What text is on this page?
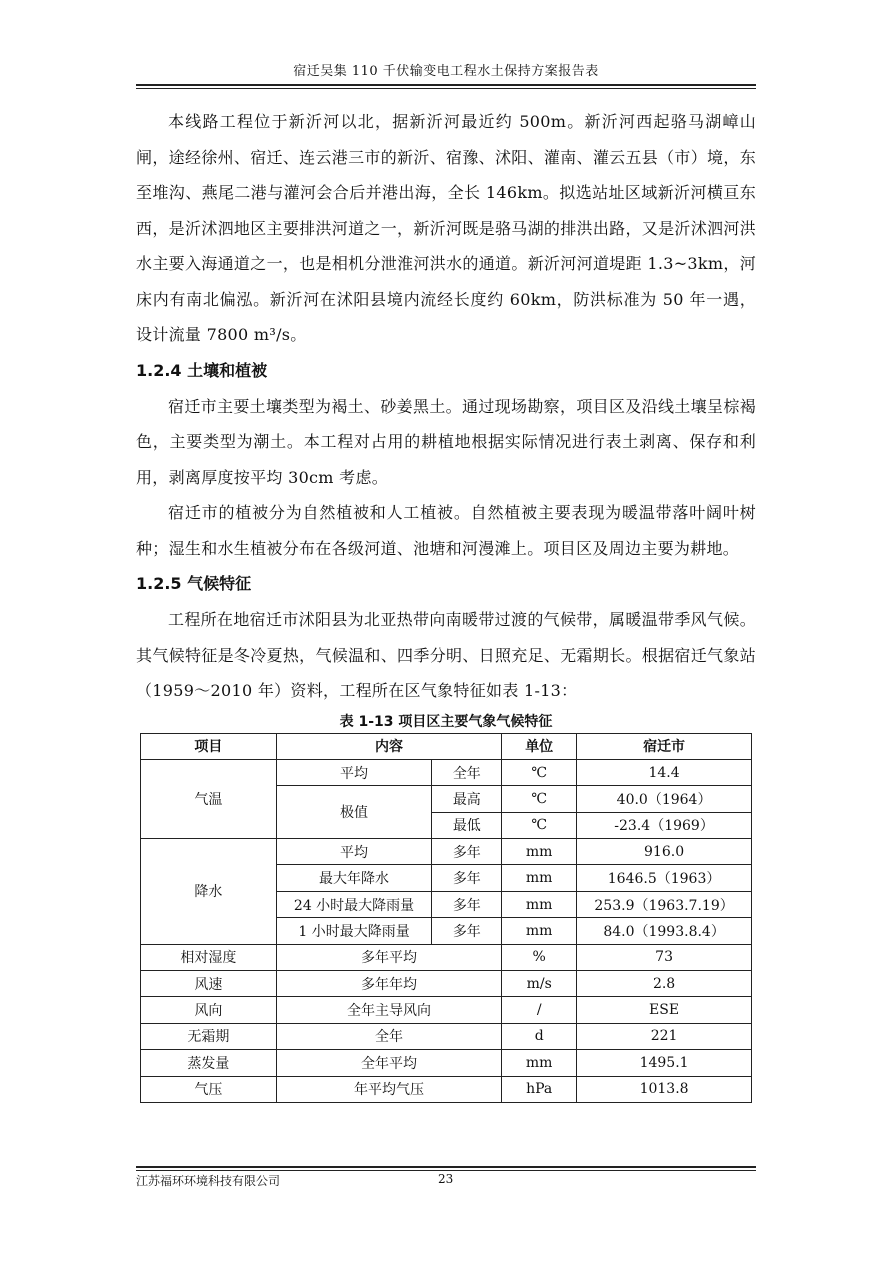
宿迁吴集 110 千伏输变电工程水土保持方案报告表

本线路工程位于新沂河以北，据新沂河最近约 500m。新沂河西起骆马湖嶂山闸，途经徐州、宿迁、连云港三市的新沂、宿豫、沭阳、灌南、灌云五县（市）境，东至堆沟、燕尾二港与灌河会合后并港出海，全长 146km。拟选站址区域新沂河横亘东西，是沂沭泗地区主要排洪河道之一，新沂河既是骆马湖的排洪出路，又是沂沭泗河洪水主要入海通道之一，也是相机分泄淮河洪水的通道。新沂河河道堤距 1.3~3km，河床内有南北偏泓。新沂河在沭阳县境内流经长度约 60km，防洪标准为 50 年一遇，设计流量 7800 m³/s。

1.2.4 土壤和植被

宿迁市主要土壤类型为褐土、砂姜黑土。通过现场勘察，项目区及沿线土壤呈棕褐色，主要类型为潮土。本工程对占用的耕植地根据实际情况进行表土剥离、保存和利用，剥离厚度按平均 30cm 考虑。

宿迁市的植被分为自然植被和人工植被。自然植被主要表现为暖温带落叶阔叶树种；湿生和水生植被分布在各级河道、池塘和河漫滩上。项目区及周边主要为耕地。

1.2.5 气候特征

工程所在地宿迁市沭阳县为北亚热带向南暖带过渡的气候带，属暖温带季风气候。其气候特征是冬冷夏热，气候温和、四季分明、日照充足、无霜期长。根据宿迁气象站（1959～2010 年）资料，工程所在区气象特征如表 1-13：

表 1-13 项目区主要气象气候特征
项目	内容		单位	宿迁市
气温	平均	全年	℃	14.4
	极值	最高	℃	40.0（1964）
		最低	℃	-23.4（1969）
降水	平均	多年	mm	916.0
	最大年降水	多年	mm	1646.5（1963）
	24 小时最大降雨量	多年	mm	253.9（1963.7.19）
	1 小时最大降雨量	多年	mm	84.0（1993.8.4）
相对湿度	多年平均		%	73
风速	多年年均		m/s	2.8
风向	全年主导风向		/	ESE
无霜期	全年		d	221
蒸发量	全年平均		mm	1495.1
气压	年平均气压		hPa	1013.8
江苏福环环境科技有限公司	23
